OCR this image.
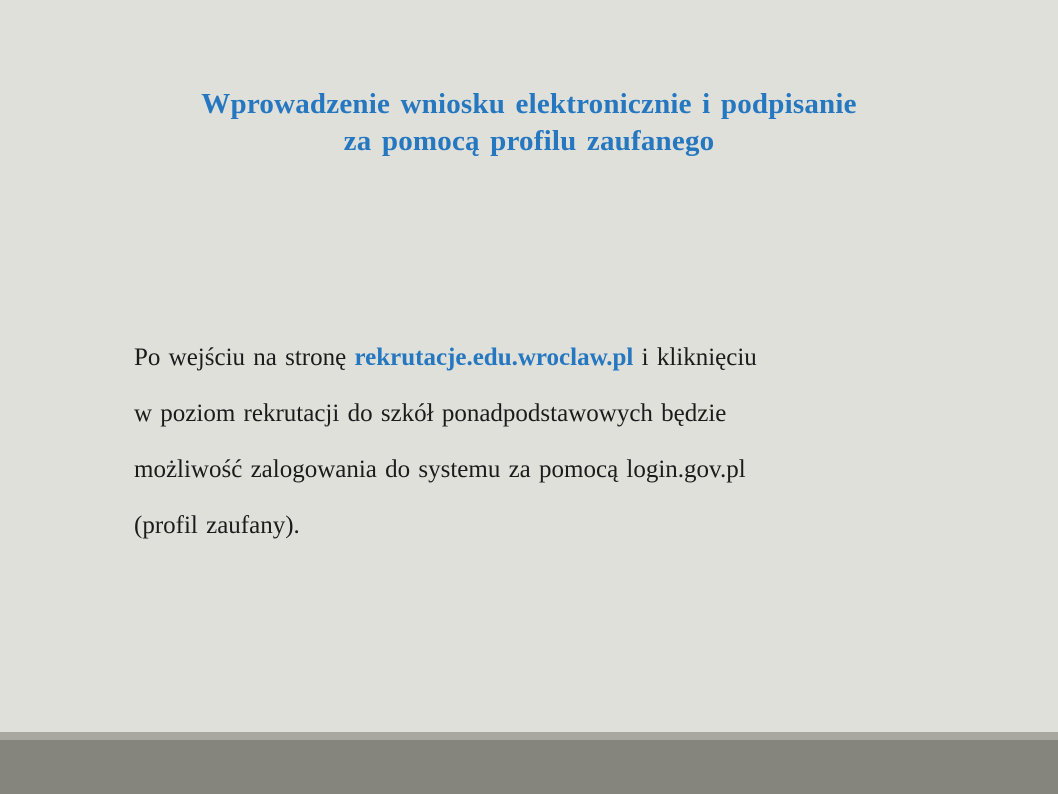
Wprowadzenie wniosku elektronicznie i podpisanie
za pomocą profilu zaufanego
Po wejściu na stronę rekrutacje.edu.wroclaw.pl i kliknięciu
w poziom rekrutacji do szkół ponadpodstawowych będzie
możliwość zalogowania do systemu za pomocą login.gov.pl
(profil zaufany).
